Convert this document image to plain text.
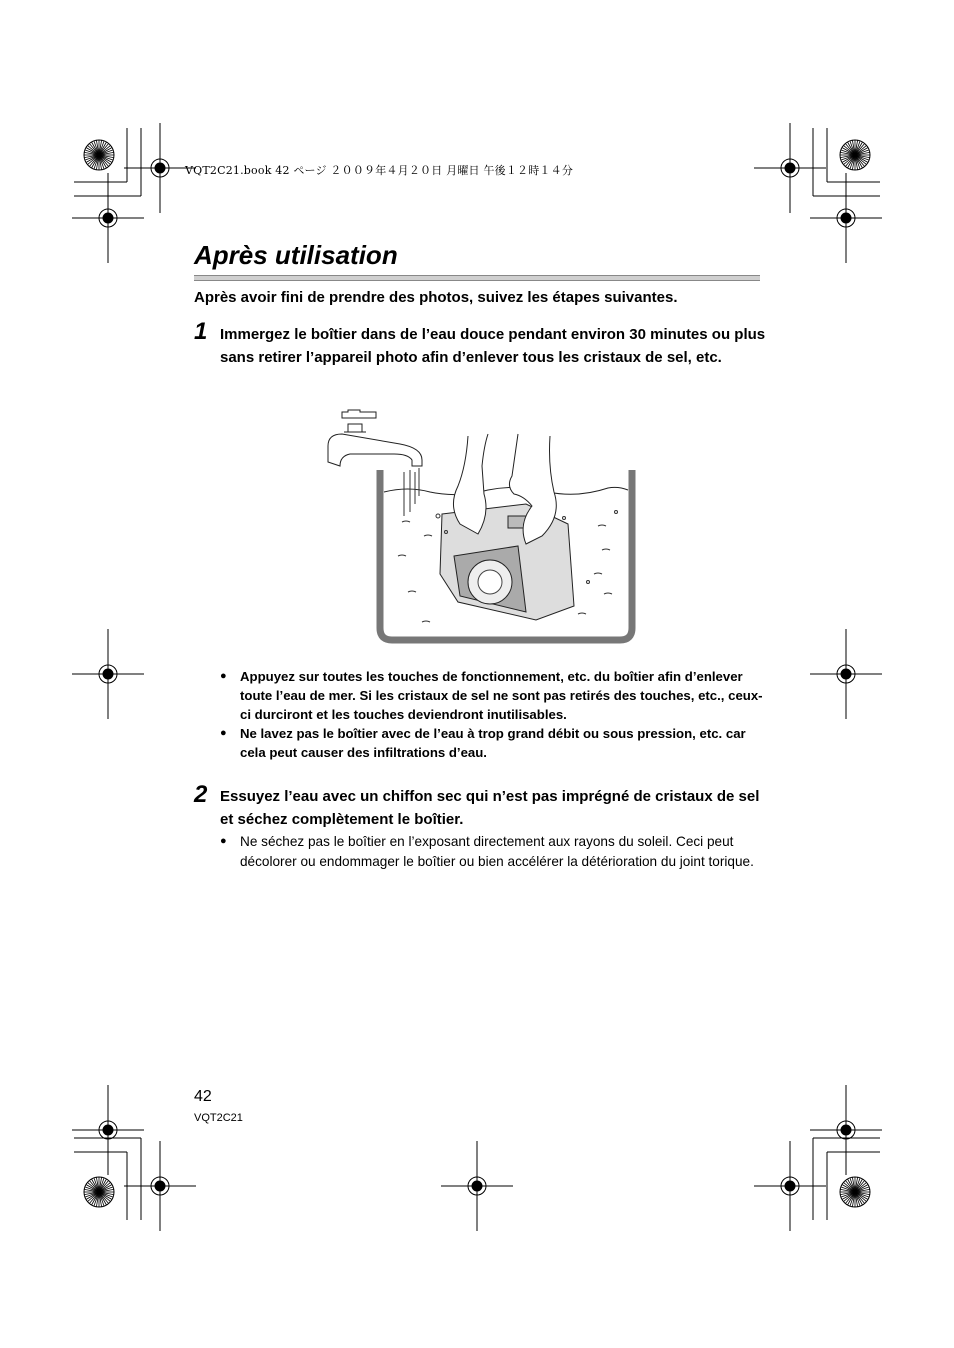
VQT2C21.book 42 ページ ２００９年４月２０日 月曜日 午後１２時１４分
Après utilisation
Après avoir fini de prendre des photos, suivez les étapes suivantes.
1 Immergez le boîtier dans de l’eau douce pendant environ 30 minutes ou plus sans retirer l’appareil photo afin d’enlever tous les cristaux de sel, etc.
● Appuyez sur toutes les touches de fonctionnement, etc. du boîtier afin d’enlever toute l’eau de mer. Si les cristaux de sel ne sont pas retirés des touches, etc., ceux-ci durciront et les touches deviendront inutilisables.
● Ne lavez pas le boîtier avec de l’eau à trop grand débit ou sous pression, etc. car cela peut causer des infiltrations d’eau.
2 Essuyez l’eau avec un chiffon sec qui n’est pas imprégné de cristaux de sel et séchez complètement le boîtier.
● Ne séchez pas le boîtier en l’exposant directement aux rayons du soleil. Ceci peut décolorer ou endommager le boîtier ou bien accélérer la détérioration du joint torique.
42
VQT2C21
